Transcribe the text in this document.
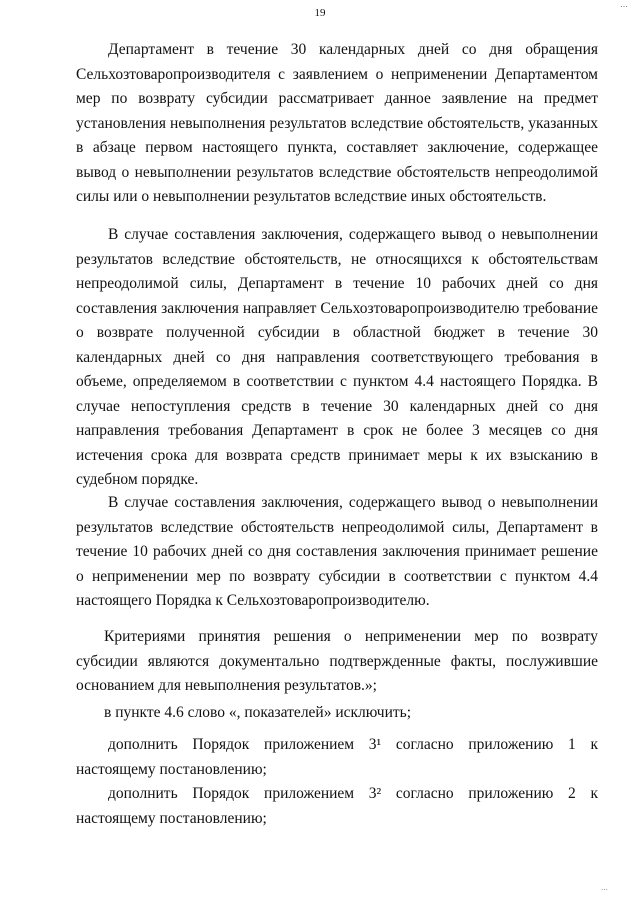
…
19

Департамент в течение 30 календарных дней со дня обращения Сельхозтоваропроизводителя с заявлением о неприменении Департаментом мер по возврату субсидии рассматривает данное заявление на предмет установления невыполнения результатов вследствие обстоятельств, указанных в абзаце первом настоящего пункта, составляет заключение, содержащее вывод о невыполнении результатов вследствие обстоятельств непреодолимой силы или о невыполнении результатов вследствие иных обстоятельств.

В случае составления заключения, содержащего вывод о невыполнении результатов вследствие обстоятельств, не относящихся к обстоятельствам непреодолимой силы, Департамент в течение 10 рабочих дней со дня составления заключения направляет Сельхозтоваропроизводителю требование о возврате полученной субсидии в областной бюджет в течение 30 календарных дней со дня направления соответствующего требования в объеме, определяемом в соответствии с пунктом 4.4 настоящего Порядка. В случае непоступления средств в течение 30 календарных дней со дня направления требования Департамент в срок не более 3 месяцев со дня истечения срока для возврата средств принимает меры к их взысканию в судебном порядке.

В случае составления заключения, содержащего вывод о невыполнении результатов вследствие обстоятельств непреодолимой силы, Департамент в течение 10 рабочих дней со дня составления заключения принимает решение о неприменении мер по возврату субсидии в соответствии с пунктом 4.4 настоящего Порядка к Сельхозтоваропроизводителю.

Критериями принятия решения о неприменении мер по возврату субсидии являются документально подтвержденные факты, послужившие основанием для невыполнения результатов.»;

в пункте 4.6 слово «, показателей» исключить;

дополнить Порядок приложением 3¹ согласно приложению 1 к настоящему постановлению;

дополнить Порядок приложением 3² согласно приложению 2 к настоящему постановлению;

…
